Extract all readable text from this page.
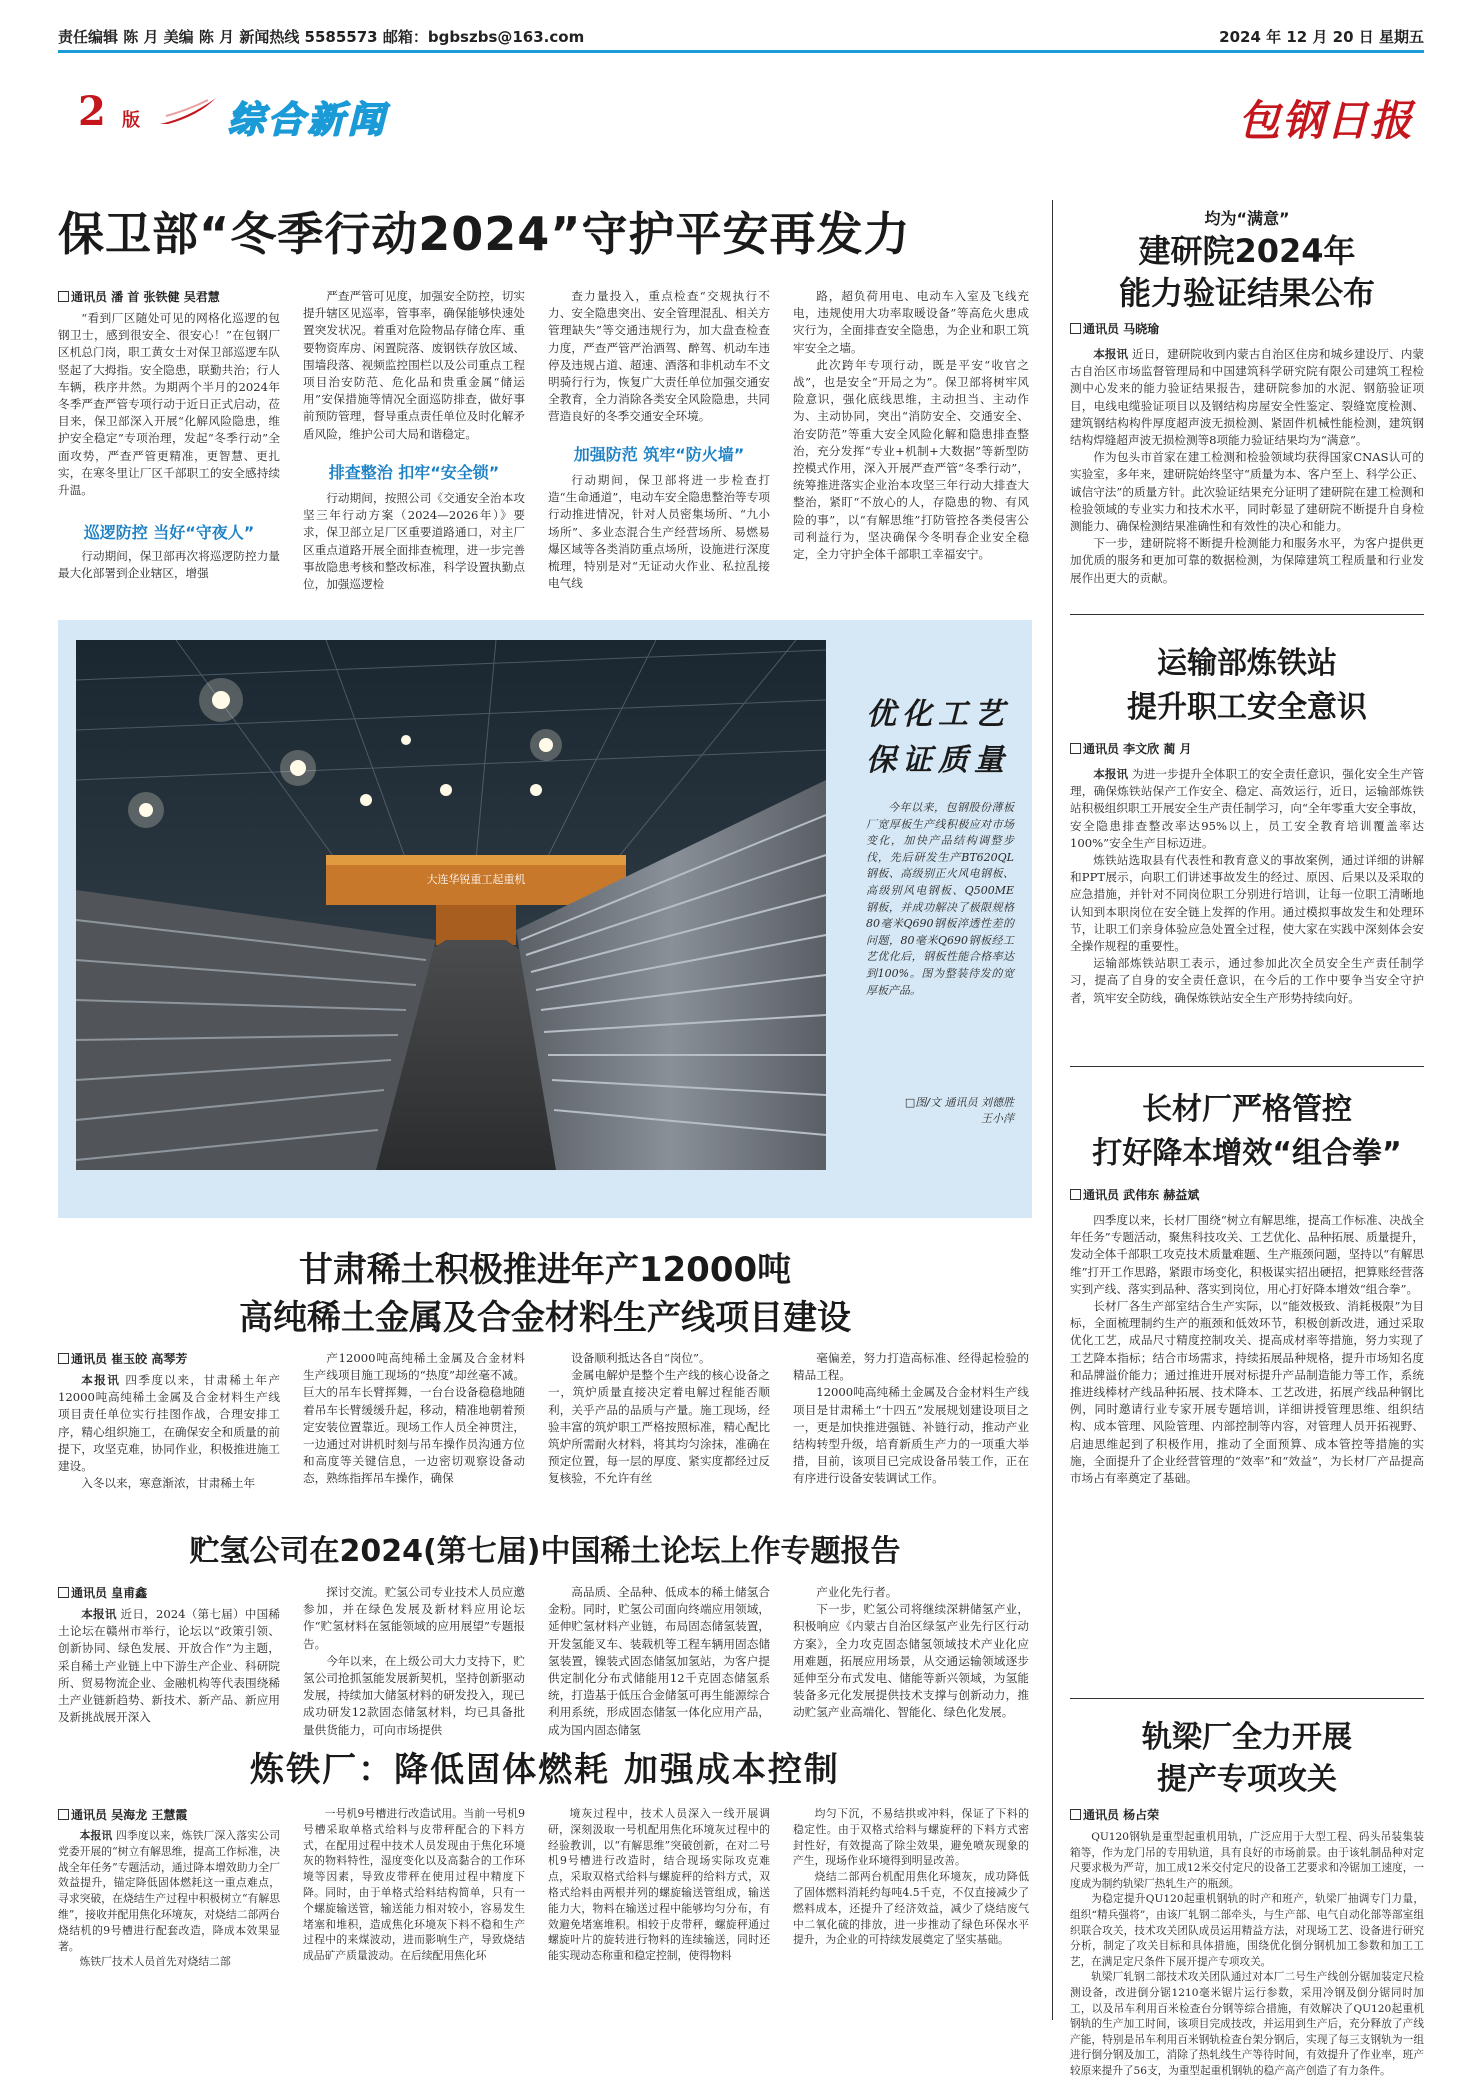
责任编辑 陈 月 美编 陈 月 新闻热线 5585573 邮箱：bgbszbs@163.com	2024 年 12 月 20 日 星期五
2 版 综合新闻	包钢日报
保卫部“冬季行动2024”守护平安再发力
通讯员 潘 首 张铁健 吴君慧

“看到厂区随处可见的网格化巡逻的包钢卫士，感到很安全、很安心！”在包钢厂区机总门岗，职工黄女士对保卫部巡逻车队竖起了大拇指。安全隐患，联勤共治；行人车辆，秩序井然。为期两个半月的2024年冬季严查严管专项行动于近日正式启动，莅目来，保卫部深入开展“化解风险隐患，维护安全稳定”专项治理，发起“冬季行动”全面攻势，严查严管更精准，更智慧、更扎实，在寒冬里让厂区千部职工的安全感持续升温。

巡逻防控 当好“守夜人”

行动期间，保卫部再次将巡逻防控力量最大化部署到企业辖区，增强

严查严管可见度，加强安全防控，切实提升辖区见巡率，管事率，确保能够快速处置突发状况。着重对危险物品存储仓库、重要物资库房、闲置院落、废钢铁存放区域、围墙段落、视频监控围栏以及公司重点工程项目治安防范、危化品和贵重金属“储运用”安保措施等情况全面巡防排查，做好事前预防管理，督导重点责任单位及时化解矛盾风险，维护公司大局和谐稳定。

排查整治 扣牢“安全锁”

行动期间，按照公司《交通安全治本攻坚三年行动方案（2024—2026年）》要求，保卫部立足厂区重要道路通口，对主厂区重点道路开展全面排查梳理，进一步完善事故隐患考核和整改标准，科学设置执勤点位，加强巡逻检

查力量投入，重点检查“交规执行不力、安全隐患突出、安全管理混乱、相关方管理缺失”等交通违规行为，加大盘查检查力度，严查严管严治酒驾、醉驾、机动车违停及违规占道、超速、酒落和非机动车不文明骑行行为，恢复广大责任单位加强交通安全教育，全力消除各类安全风险隐患，共同营造良好的冬季交通安全环境。

加强防范 筑牢“防火墙”

行动期间，保卫部将进一步检查打造“生命通道”，电动车安全隐患整治等专项行动推进情况，针对人员密集场所、“九小场所”、多业态混合生产经营场所、易燃易爆区域等各类消防重点场所，设施进行深度梳理，特别是对“无证动火作业、私拉乱接电气线

路，超负荷用电、电动车入室及飞线充电，违规使用大功率取暖设备”等高危火患成灾行为，全面排查安全隐患，为企业和职工筑牢安全之墙。

此次跨年专项行动，既是平安“收官之战”，也是安全“开局之为”。保卫部将树牢风险意识，强化底线思维，主动担当、主动作为、主动协同，突出“消防安全、交通安全、治安防范”等重大安全风险化解和隐患排查整治，充分发挥“专业+机制+大数据”等新型防控模式作用，深入开展严查严管“冬季行动”，统筹推进落实企业治本攻坚三年行动大排查大整治，紧盯“不放心的人，存隐患的物、有风险的事”，以“有解思维”打防管控各类侵害公司利益行为，坚决确保今冬明春企业安全稳定，全力守护全体千部职工幸福安宁。

均为“满意”
建研院2024年
能力验证结果公布
通讯员 马晓瑜

本报讯 近日，建研院收到内蒙古自治区住房和城乡建设厅、内蒙古自治区市场监督管理局和中国建筑科学研究院有限公司建筑工程检测中心发来的能力验证结果报告，建研院参加的水泥、钢筋验证项目，电线电缆验证项目以及钢结构房屋安全性鉴定、裂缝宽度检测、建筑钢结构构件厚度超声波无损检测、紧固件机械性能检测，建筑钢结构焊缝超声波无损检测等8项能力验证结果均为“满意”。

作为包头市首家在建工检测和检验领域均获得国家CNAS认可的实验室，多年来，建研院始终坚守“质量为本、客户至上、科学公正、诚信守法”的质量方针。此次验证结果充分证明了建研院在建工检测和检验领域的专业实力和技术水平，同时彰显了建研院不断提升自身检测能力、确保检测结果准确性和有效性的决心和能力。

下一步，建研院将不断提升检测能力和服务水平，为客户提供更加优质的服务和更加可靠的数据检测，为保障建筑工程质量和行业发展作出更大的贡献。

大连华锐重工起重机
优化工艺
保证质量

今年以来，包钢股份薄板厂宽厚板生产线积极应对市场变化，加快产品结构调整步伐，先后研发生产BT620QL钢板、高级别正火风电钢板、高级别风电钢板、Q500ME钢板，并成功解决了极限规格80毫米Q690钢板淬透性差的问题，80毫米Q690钢板经工艺优化后，钢板性能合格率达到100%。图为整装待发的宽厚板产品。

□图/文 通讯员 刘德胜
王小萍
运输部炼铁站
提升职工安全意识
通讯员 李文欣 蔺 月

本报讯 为进一步提升全体职工的安全责任意识，强化安全生产管理，确保炼铁站保产工作安全、稳定、高效运行，近日，运输部炼铁站积极组织职工开展安全生产责任制学习，向“全年零重大安全事故，安全隐患排查整改率达95%以上，员工安全教育培训覆盖率达100%”安全生产目标迈进。

炼铁站选取县有代表性和教育意义的事故案例，通过详细的讲解和PPT展示，向职工们讲述事故发生的经过、原因、后果以及采取的应急措施，并针对不同岗位职工分别进行培训，让每一位职工清晰地认知到本职岗位在安全链上发挥的作用。通过模拟事故发生和处理环节，让职工们亲身体验应急处置全过程，使大家在实践中深刻体会安全操作规程的重要性。

运输部炼铁站职工表示，通过参加此次全员安全生产责任制学习，提高了自身的安全责任意识，在今后的工作中要争当安全守护者，筑牢安全防线，确保炼铁站安全生产形势持续向好。

长材厂严格管控
打好降本增效“组合拳”
通讯员 武伟东 赫益斌

四季度以来，长材厂围绕“树立有解思维，提高工作标准、决战全年任务”专题活动，聚焦科技攻关、工艺优化、品种拓展、质量提升，发动全体千部职工攻克技术质量难题、生产瓶颈问题，坚持以“有解思维”打开工作思路，紧跟市场变化，积极谋实招出硬招，把算账经营落实到产线、落实到品种、落实到岗位，用心打好降本增效“组合拳”。

长材厂各生产部室结合生产实际，以“能效极致、消耗极限”为目标，全面梳理制约生产的瓶颈和低效环节，积极创新改进，通过采取优化工艺，成品尺寸精度控制攻关、提高成材率等措施，努力实现了工艺降本指标；结合市场需求，持续拓展品种规格，提升市场知名度和品牌溢价能力；通过推进开展对标提升产品制造能力等工作，系统推进线棒材产线品种拓展、技术降本、工艺改进，拓展产线品种钢比例，同时邀请行业专家开展专题培训，详细讲授管理思维、组织结构、成本管理、风险管理、内部控制等内容，对管理人员开拓视野、启迪思维起到了积极作用，推动了全面预算、成本管控等措施的实施，全面提升了企业经营管理的“效率”和“效益”，为长材厂产品提高市场占有率奠定了基础。

轨梁厂全力开展
提产专项攻关
通讯员 杨占荣

QU120钢轨是重型起重机用轨，广泛应用于大型工程、码头吊装集装箱等，作为龙门吊的专用轨道，具有良好的市场前景。由于该轧制品种对定尺要求极为严苛，加工成12米交付定尺的设备工艺要求和冷锯加工速度，一度成为制约轨梁厂热轧生产的瓶颈。

为稳定提升QU120起重机钢轨的时产和班产，轨梁厂抽调专门力量，组织“精兵强将”，由该厂轧钢二部牵头，与生产部、电气自动化部等部室组织联合攻关，技术攻关团队成员运用精益方法，对现场工艺、设备进行研究分析，制定了攻关目标和具体措施，围绕优化倒分钢机加工参数和加工工艺，在满足定尺条件下展开提产专项攻关。

轨梁厂轧钢二部技术攻关团队通过对本厂二号生产线创分锯加装定尺检测设备，改进倒分锯1210毫米锯片运行参数，采用冷钢及倒分锯同时加工，以及吊车利用百米检查台分钢等综合措施，有效解决了QU120起重机钢轨的生产加工时间，该项目完成技改，并运用到生产后，充分释放了产线产能，特别是吊车利用百米钢轨检查台架分钢后，实现了每三支钢轨为一组进行倒分钢及加工，消除了热轧线生产等待时间，有效提升了作业率，班产较原来提升了56支，为重型起重机钢轨的稳产高产创造了有力条件。

甘肃稀土积极推进年产12000吨
高纯稀土金属及合金材料生产线项目建设
通讯员 崔玉皎 高琴芳

本报讯 四季度以来，甘肃稀土年产12000吨高纯稀土金属及合金材料生产线项目责任单位实行挂图作战，合理安排工序，精心组织施工，在确保安全和质量的前提下，攻坚克难，协同作业，积极推进施工建设。

入冬以来，寒意渐浓，甘肃稀土年

产12000吨高纯稀土金属及合金材料生产线项目施工现场的“热度”却丝毫不减。巨大的吊车长臂挥舞，一台台设备稳稳地随着吊车长臂缓缓升起，移动，精准地朝着预定安装位置靠近。现场工作人员全神贯注，一边通过对讲机时刻与吊车操作员沟通方位和高度等关键信息，一边密切观察设备动态，熟练指挥吊车操作，确保

设备顺利抵达各自“岗位”。

金属电解炉是整个生产线的核心设备之一，筑炉质量直接决定着电解过程能否顺利，关乎产品的品质与产量。施工现场，经验丰富的筑炉职工严格按照标准，精心配比筑炉所需耐火材料，将其均匀涂抹，准确在预定位置，每一层的厚度、紧实度都经过反复核验，不允许有丝

毫偏差，努力打造高标准、经得起检验的精品工程。

12000吨高纯稀土金属及合金材料生产线项目是甘肃稀土“十四五”发展规划建设项目之一，更是加快推进强链、补链行动，推动产业结构转型升级，培育新质生产力的一项重大举措，目前，该项目已完成设备吊装工作，正在有序进行设备安装调试工作。

贮氢公司在2024(第七届)中国稀土论坛上作专题报告
通讯员 皇甫鑫

本报讯 近日，2024（第七届）中国稀土论坛在赣州市举行，论坛以“政策引领、创新协同、绿色发展、开放合作”为主题，采自稀土产业链上中下游生产企业、科研院所、贸易物流企业、金融机构等代表围绕稀土产业链新趋势、新技术、新产品、新应用及新挑战展开深入

探讨交流。贮氢公司专业技术人员应邀参加，并在绿色发展及新材料应用论坛作“贮氢材料在氢能领域的应用展望”专题报告。

今年以来，在上级公司大力支持下，贮氢公司抢抓氢能发展新契机，坚持创新驱动发展，持续加大储氢材料的研发投入，现已成功研发12款固态储氢材料，均已具备批量供货能力，可向市场提供

高品质、全品种、低成本的稀土储氢合金粉。同时，贮氢公司面向终端应用领域，延伸贮氢材料产业链，布局固态储氢装置，开发氢能叉车、装载机等工程车辆用固态储氢装置，镍装式固态储氢加氢站，为客户提供定制化分布式储能用12千克固态储氢系统，打造基于低压合金储氢可再生能源综合利用系统，形成固态储氢一体化应用产品，成为国内固态储氢

产业化先行者。

下一步，贮氢公司将继续深耕储氢产业，积极响应《内蒙古自治区绿氢产业先行区行动方案》，全力攻克固态储氢领域技术产业化应用难题，拓展应用场景，从交通运输领域逐步延伸至分布式发电、储能等新兴领域，为氢能装备多元化发展提供技术支撑与创新动力，推动贮氢产业高端化、智能化、绿色化发展。

炼铁厂：降低固体燃耗 加强成本控制
通讯员 吴海龙 王慧霞

本报讯 四季度以来，炼铁厂深入落实公司党委开展的“树立有解思维，提高工作标准，决战全年任务”专题活动，通过降本增效助力全厂效益提升，锚定降低固体燃耗这一重点难点，寻求突破，在烧结生产过程中积极树立“有解思维”，接收并配用焦化环境灰，对烧结二部两台烧结机的9号槽进行配套改造，降成本效果显著。

炼铁厂技术人员首先对烧结二部

一号机9号槽进行改造试用。当前一号机9号槽采取单格式给料与皮带秤配合的下料方式，在配用过程中技术人员发现由于焦化环境灰的物料特性，湿度变化以及高黏合的工作环境等因素，导致皮带秤在使用过程中精度下降。同时，由于单格式给料结构简单，只有一个螺旋输送管，输送能力相对较小，容易发生堵塞和堆积，造成焦化环境灰下料不稳和生产过程中的来煤波动，进而影响生产，导致烧结成品矿产质量波动。在后续配用焦化环

境灰过程中，技术人员深入一线开展调研，深刻汲取一号机配用焦化环境灰过程中的经验教训，以“有解思维”突破创新，在对二号机9号槽进行改造时，结合现场实际攻克难点，采取双格式给料与螺旋秤的给料方式，双格式给料由两根并列的螺旋输送管组成，输送能力大，物料在输送过程中能够均匀分布，有效避免堵塞堆积。相较于皮带秤，螺旋秤通过螺旋叶片的旋转进行物料的连续输送，同时还能实现动态称重和稳定控制，使得物料

均匀下沉，不易结拱或冲料，保证了下料的稳定性。由于双格式给料与螺旋秤的下料方式密封性好，有效提高了除尘效果，避免喷灰现象的产生，现场作业环境得到明显改善。

烧结二部两台机配用焦化环境灰，成功降低了固体燃料消耗约每吨4.5千克，不仅直接减少了燃料成本，还提升了经济效益，减少了烧结废气中二氧化硫的排放，进一步推动了绿色环保水平提升，为企业的可持续发展奠定了坚实基础。
